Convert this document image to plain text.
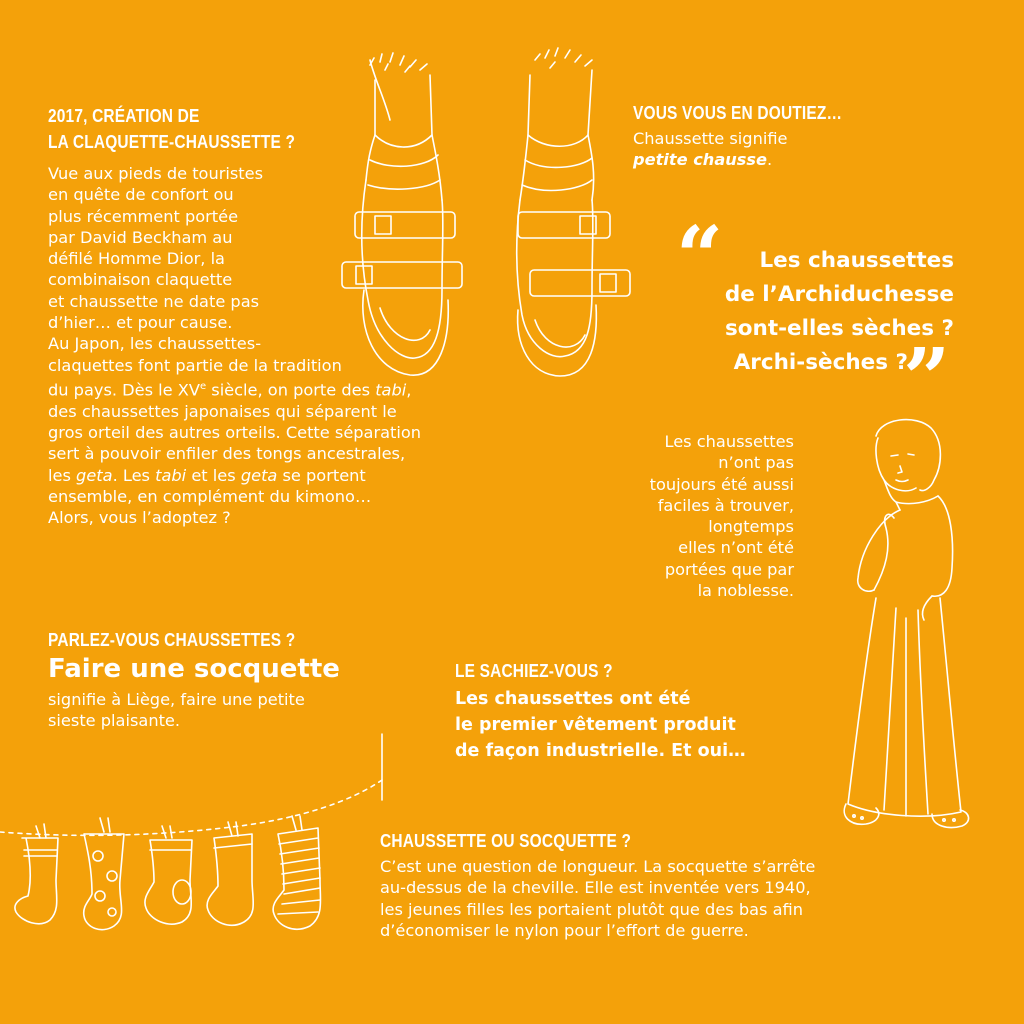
2017, CRÉATION DE
LA CLAQUETTE-CHAUSSETTE ?
Vue aux pieds de touristes
en quête de confort ou
plus récemment portée
par David Beckham au
défilé Homme Dior, la
combinaison claquette
et chaussette ne date pas
d’hier… et pour cause.
Au Japon, les chaussettes-
claquettes font partie de la tradition
du pays. Dès le XVe siècle, on porte des tabi,
des chaussettes japonaises qui séparent le
gros orteil des autres orteils. Cette séparation
sert à pouvoir enfiler des tongs ancestrales,
les geta. Les tabi et les geta se portent
ensemble, en complément du kimono…
Alors, vous l’adoptez ?
VOUS VOUS EN DOUTIEZ…
Chaussette signifie
petite chausse.
“	Les chaussettes
de l’Archiduchesse
sont-elles sèches ?
Archi-sèches ?
”
Les chaussettes
n’ont pas
toujours été aussi
faciles à trouver,
longtemps
elles n’ont été
portées que par
la noblesse.
PARLEZ-VOUS CHAUSSETTES ?
Faire une socquette
signifie à Liège, faire une petite
sieste plaisante.
LE SACHIEZ-VOUS ?
Les chaussettes ont été
le premier vêtement produit
de façon industrielle. Et oui…
CHAUSSETTE OU SOCQUETTE ?
C’est une question de longueur. La socquette s’arrête
au-dessus de la cheville. Elle est inventée vers 1940,
les jeunes filles les portaient plutôt que des bas afin
d’économiser le nylon pour l’effort de guerre.
